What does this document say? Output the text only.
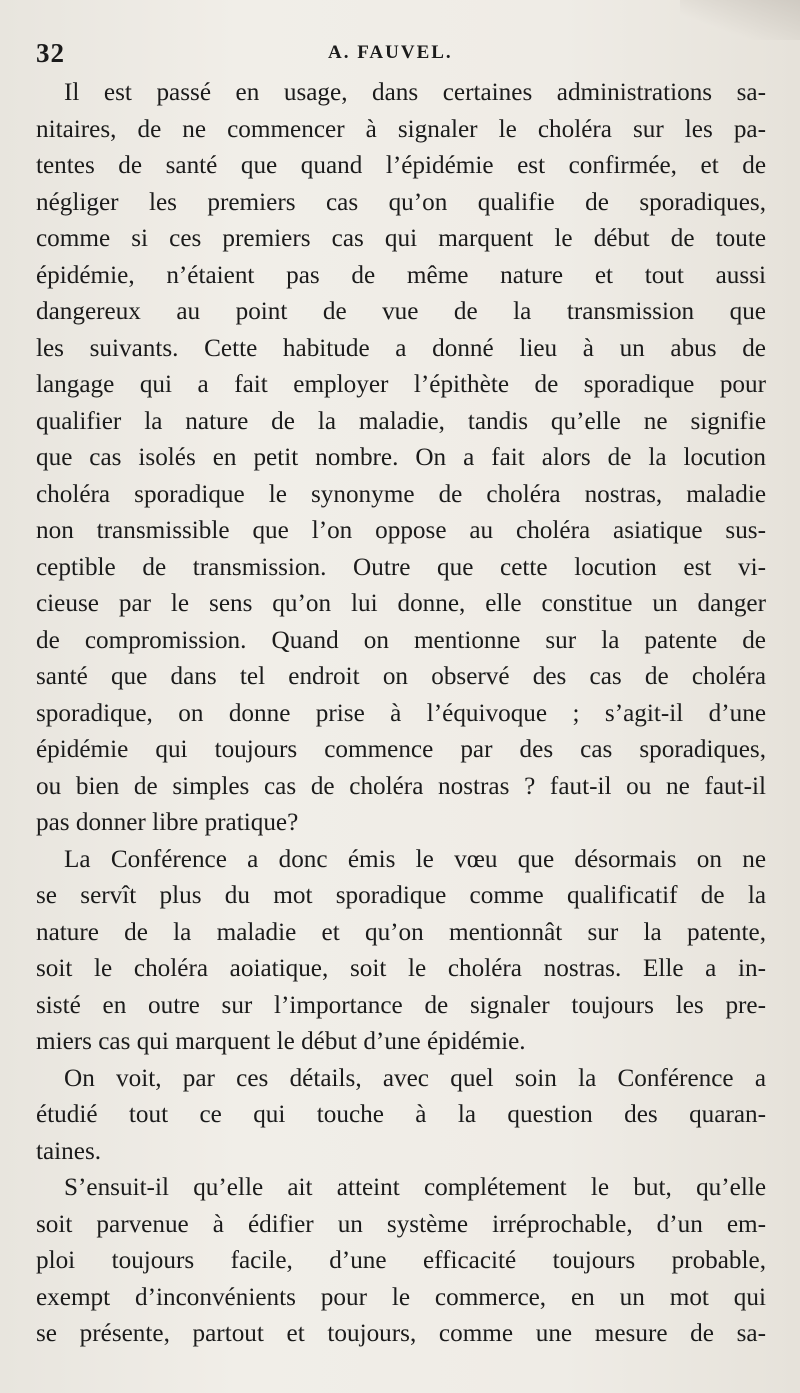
32	A. FAUVEL.
Il est passé en usage, dans certaines administrations sa-
nitaires, de ne commencer à signaler le choléra sur les pa-
tentes de santé que quand l’épidémie est confirmée, et de
négliger les premiers cas qu’on qualifie de sporadiques,
comme si ces premiers cas qui marquent le début de toute
épidémie, n’étaient pas de même nature et tout aussi
dangereux au point de vue de la transmission que
les suivants. Cette habitude a donné lieu à un abus de
langage qui a fait employer l’épithète de sporadique pour
qualifier la nature de la maladie, tandis qu’elle ne signifie
que cas isolés en petit nombre. On a fait alors de la locution
choléra sporadique le synonyme de choléra nostras, maladie
non transmissible que l’on oppose au choléra asiatique sus-
ceptible de transmission. Outre que cette locution est vi-
cieuse par le sens qu’on lui donne, elle constitue un danger
de compromission. Quand on mentionne sur la patente de
santé que dans tel endroit on observé des cas de choléra
sporadique, on donne prise à l’équivoque ; s’agit-il d’une
épidémie qui toujours commence par des cas sporadiques,
ou bien de simples cas de choléra nostras ? faut-il ou ne faut-il
pas donner libre pratique?
La Conférence a donc émis le vœu que désormais on ne
se servît plus du mot sporadique comme qualificatif de la
nature de la maladie et qu’on mentionnât sur la patente,
soit le choléra aoiatique, soit le choléra nostras. Elle a in-
sisté en outre sur l’importance de signaler toujours les pre-
miers cas qui marquent le début d’une épidémie.
On voit, par ces détails, avec quel soin la Conférence a
étudié tout ce qui touche à la question des quaran-
taines.
S’ensuit-il qu’elle ait atteint complétement le but, qu’elle
soit parvenue à édifier un système irréprochable, d’un em-
ploi toujours facile, d’une efficacité toujours probable,
exempt d’inconvénients pour le commerce, en un mot qui
se présente, partout et toujours, comme une mesure de sa-
